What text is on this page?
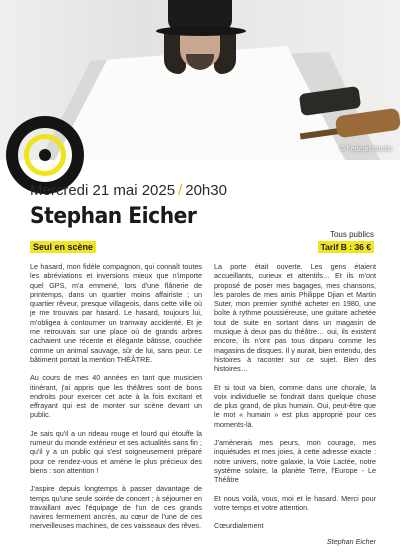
© Federal Studio
Mercredi 21 mai 2025 / 20h30
Stephan Eicher
Seul en scène
Tous publics
Tarif B : 36 €

Le hasard, mon fidèle compagnon, qui connaît toutes les abréviations et inversions mieux que n'importe quel GPS, m'a emmené, lors d'une flânerie de printemps, dans un quartier moins affairiste ; un quartier rêveur, presque villageois, dans cette ville où je me trouvais par hasard. Le hasard, toujours lui, m'obligea à contourner un tramway accidenté. Et je me retrouvais sur une place où de grands arbres cachaient une récente et élégante bâtisse, couchée comme un animal sauvage, sûr de lui, sans peur. Le bâtiment portait la mention THÉÂTRE.

Au cours de mes 40 années en tant que musicien itinérant, j'ai appris que les théâtres sont de bons endroits pour exercer cet acte à la fois excitant et effrayant qui est de monter sur scène devant un public.

Je sais qu'il a un rideau rouge et lourd qui étouffe la rumeur du monde extérieur et ses actualités sans fin ; qu'il y a un public qui s'est soigneusement préparé pour ce rendez-vous et amène le plus précieux des biens : son attention !

J'aspire depuis longtemps à passer davantage de temps qu'une seule soirée de concert ; à séjourner en travaillant avec l'équipage de l'un de ces grands navires fermement ancrés, au cœur de l'une de ces merveilleuses machines, de ces vaisseaux des rêves.

La porte était ouverte. Les gens étaient accueillants, curieux et attentifs… Et ils m'ont proposé de poser mes bagages, mes chansons, les paroles de mes amis Philippe Djian et Martin Suter, mon premier synthé acheter en 1980, une boîte à rythme poussiéreuse, une guitare achetée tout de suite en sortant dans un magasin de musique à deux pas du théâtre… oui, ils existent encore, ils n'ont pas tous disparu comme les magasins de disques. Il y aurait, bien entendu, des histoires à raconter sur ce sujet. Bien des histoires…

Et si tout va bien, comme dans une chorale, la voix individuelle se fondrait dans quelque chose de plus grand, de plus humain. Oui, peut-être que le mot « humain » est plus approprié pour ces moments-là.

J'amènerais mes peurs, mon courage, mes inquiétudes et mes joies, à cette adresse exacte : notre univers, notre galaxie, la Voie Lactée, notre système solaire, la planète Terre, l'Europe - Le Théâtre

Et nous voilà, vous, moi et le hasard. Merci pour votre temps et votre attention.

Cœurdialement

Stephan Eicher
